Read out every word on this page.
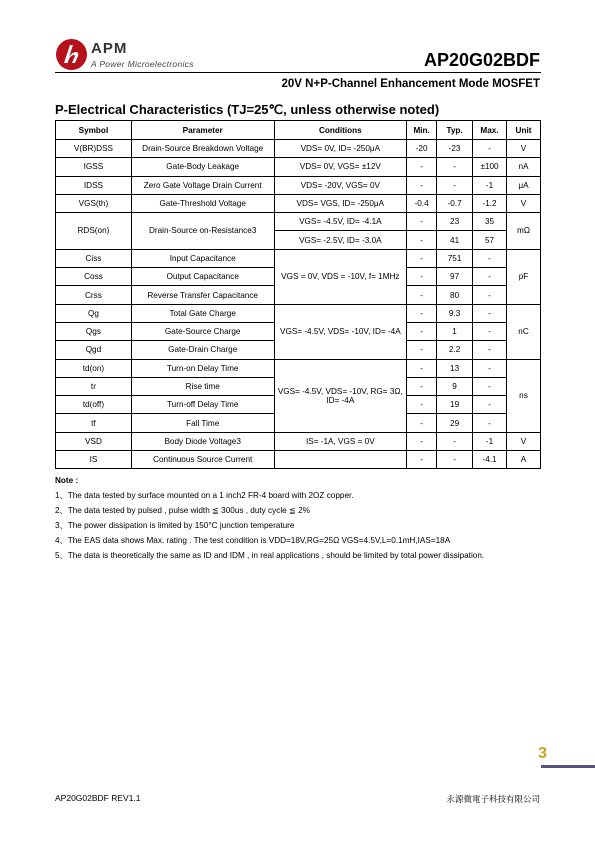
APM
A Power Microelectronics	AP20G02BDF
20V N+P-Channel Enhancement Mode MOSFET
P-Electrical Characteristics (TJ=25℃, unless otherwise noted)
Symbol	Parameter	Conditions	Min.	Typ.	Max.	Unit
V(BR)DSS	Drain-Source Breakdown Voltage	VDS= 0V, ID= -250μA	-20	-23	-	V
IGSS	Gate-Body Leakage	VDS= 0V, VGS= ±12V	-	-	±100	nA
IDSS	Zero Gate Voltage Drain Current	VDS= -20V, VGS= 0V	-	-	-1	μA
VGS(th)	Gate-Threshold Voltage	VDS= VGS, ID= -250μA	-0.4	-0.7	-1.2	V
RDS(on)	Drain-Source on-Resistance3	VGS= -4.5V, ID= -4.1A	-	23	35	mΩ
		VGS= -2.5V, ID= -3.0A	-	41	57	
Ciss	Input Capacitance	VGS = 0V, VDS = -10V, f= 1MHz	-	751	-	pF
Coss	Output Capacitance		-	97	-	
Crss	Reverse Transfer Capacitance		-	80	-	
Qg	Total Gate Charge	VGS= -4.5V, VDS= -10V, ID= -4A	-	9.3	-	nC
Qgs	Gate-Source Charge		-	1	-	
Qgd	Gate-Drain Charge		-	2.2	-	
td(on)	Turn-on Delay Time	VGS= -4.5V, VDS= -10V, RG= 3Ω, ID= -4A	-	13	-	ns
tr	Rise time		-	9	-	
td(off)	Turn-off Delay Time		-	19	-	
tf	Fall Time		-	29	-	
VSD	Body Diode Voltage3	IS= -1A, VGS = 0V	-	-	-1	V
IS	Continuous Source Current		-	-	-4.1	A
Note :
1、The data tested by surface mounted on a 1 inch2 FR-4 board with 2OZ copper.
2、The data tested by pulsed , pulse width ≦ 300us , duty cycle ≦ 2%
3、The power dissipation is limited by 150°C junction temperature
4、The EAS data shows Max. rating . The test condition is VDD=18V,RG=25Ω VGS=4.5V,L=0.1mH,IAS=18A
5、The data is theoretically the same as ID and IDM , in real applications , should be limited by total power dissipation.
3
AP20G02BDF REV1.1	永源微電子科技有限公司
